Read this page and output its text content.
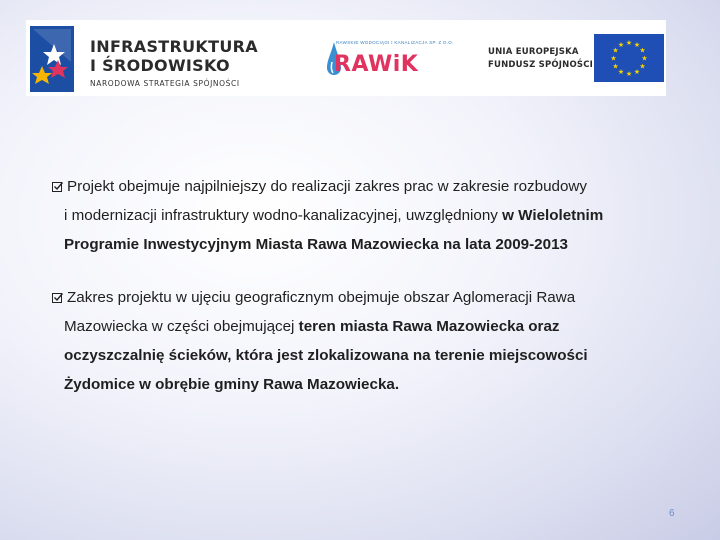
INFRASTRUKTURA
I ŚRODOWISKO
NARODOWA STRATEGIA SPÓJNOŚCI
RAWSKIE WODOCIĄGI I KANALIZACJA SP. Z O.O.
RAWiK	UNIA EUROPEJSKA
FUNDUSZ SPÓJNOŚCI
★ ★
★
★
★
★
★
★
★
★
★
★
Projekt obejmuje najpilniejszy do realizacji zakres prac w zakresie rozbudowy
i modernizacji infrastruktury wodno-kanalizacyjnej, uwzględniony w Wieloletnim
Programie Inwestycyjnym Miasta Rawa Mazowiecka na lata 2009-2013
Zakres projektu w ujęciu geograficznym obejmuje obszar Aglomeracji Rawa
Mazowiecka w części obejmującej teren miasta Rawa Mazowiecka oraz
oczyszczalnię ścieków, która jest zlokalizowana na terenie miejscowości
Żydomice w obrębie gminy Rawa Mazowiecka.
6
